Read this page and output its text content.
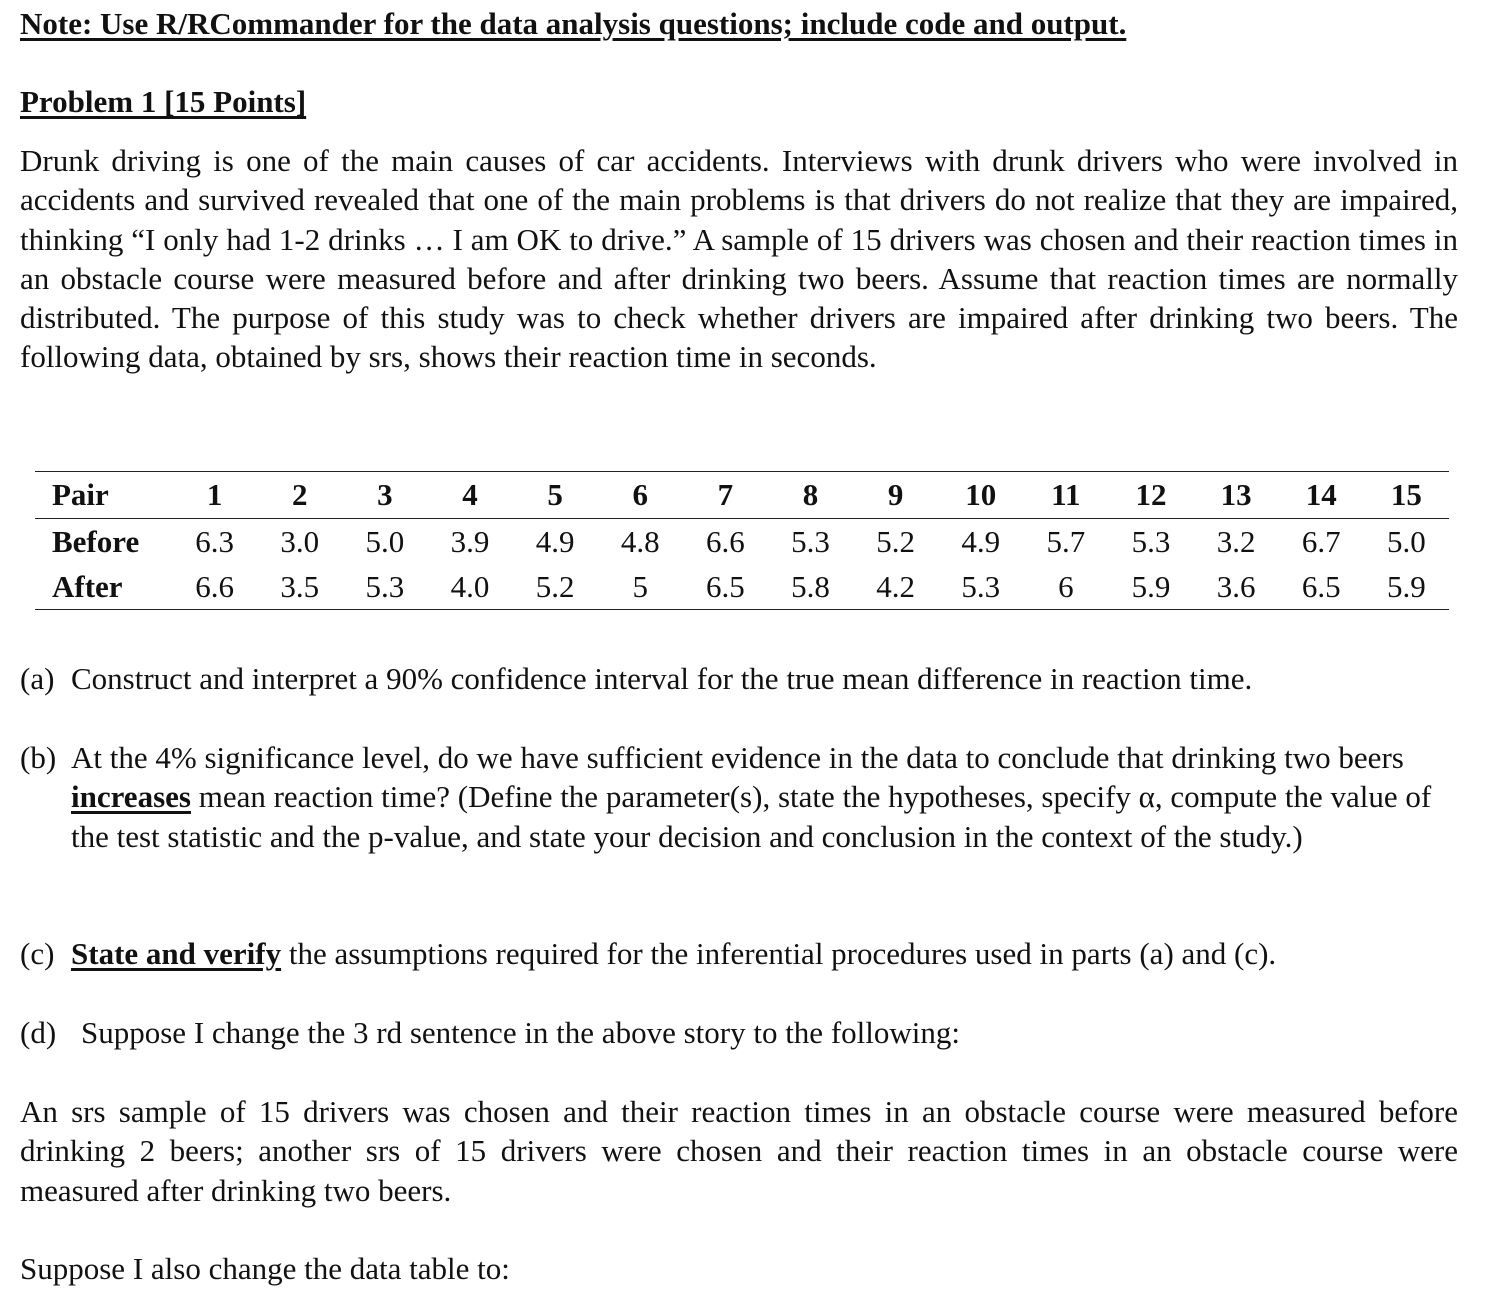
Note: Use R/RCommander for the data analysis questions; include code and output.
Problem 1 [15 Points]

Drunk driving is one of the main causes of car accidents. Interviews with drunk drivers who were involved in accidents and survived revealed that one of the main problems is that drivers do not realize that they are impaired, thinking “I only had 1-2 drinks … I am OK to drive.” A sample of 15 drivers was chosen and their reaction times in an obstacle course were measured before and after drinking two beers. Assume that reaction times are normally distributed. The purpose of this study was to check whether drivers are impaired after drinking two beers. The following data, obtained by srs, shows their reaction time in seconds.

Pair	1	2	3	4	5	6	7	8	9	10	11	12	13	14	15
Before	6.3	3.0	5.0	3.9	4.9	4.8	6.6	5.3	5.2	4.9	5.7	5.3	3.2	6.7	5.0
After	6.6	3.5	5.3	4.0	5.2	5	6.5	5.8	4.2	5.3	6	5.9	3.6	6.5	5.9
(a) Construct and interpret a 90% confidence interval for the true mean difference in reaction time.
(b) At the 4% significance level, do we have sufficient evidence in the data to conclude that drinking two beers increases mean reaction time? (Define the parameter(s), state the hypotheses, specify α, compute the value of the test statistic and the p-value, and state your decision and conclusion in the context of the study.)
(c) State and verify the assumptions required for the inferential procedures used in parts (a) and (c).
(d) Suppose I change the 3 rd sentence in the above story to the following:

An srs sample of 15 drivers was chosen and their reaction times in an obstacle course were measured before drinking 2 beers; another srs of 15 drivers were chosen and their reaction times in an obstacle course were measured after drinking two beers.

Suppose I also change the data table to:
